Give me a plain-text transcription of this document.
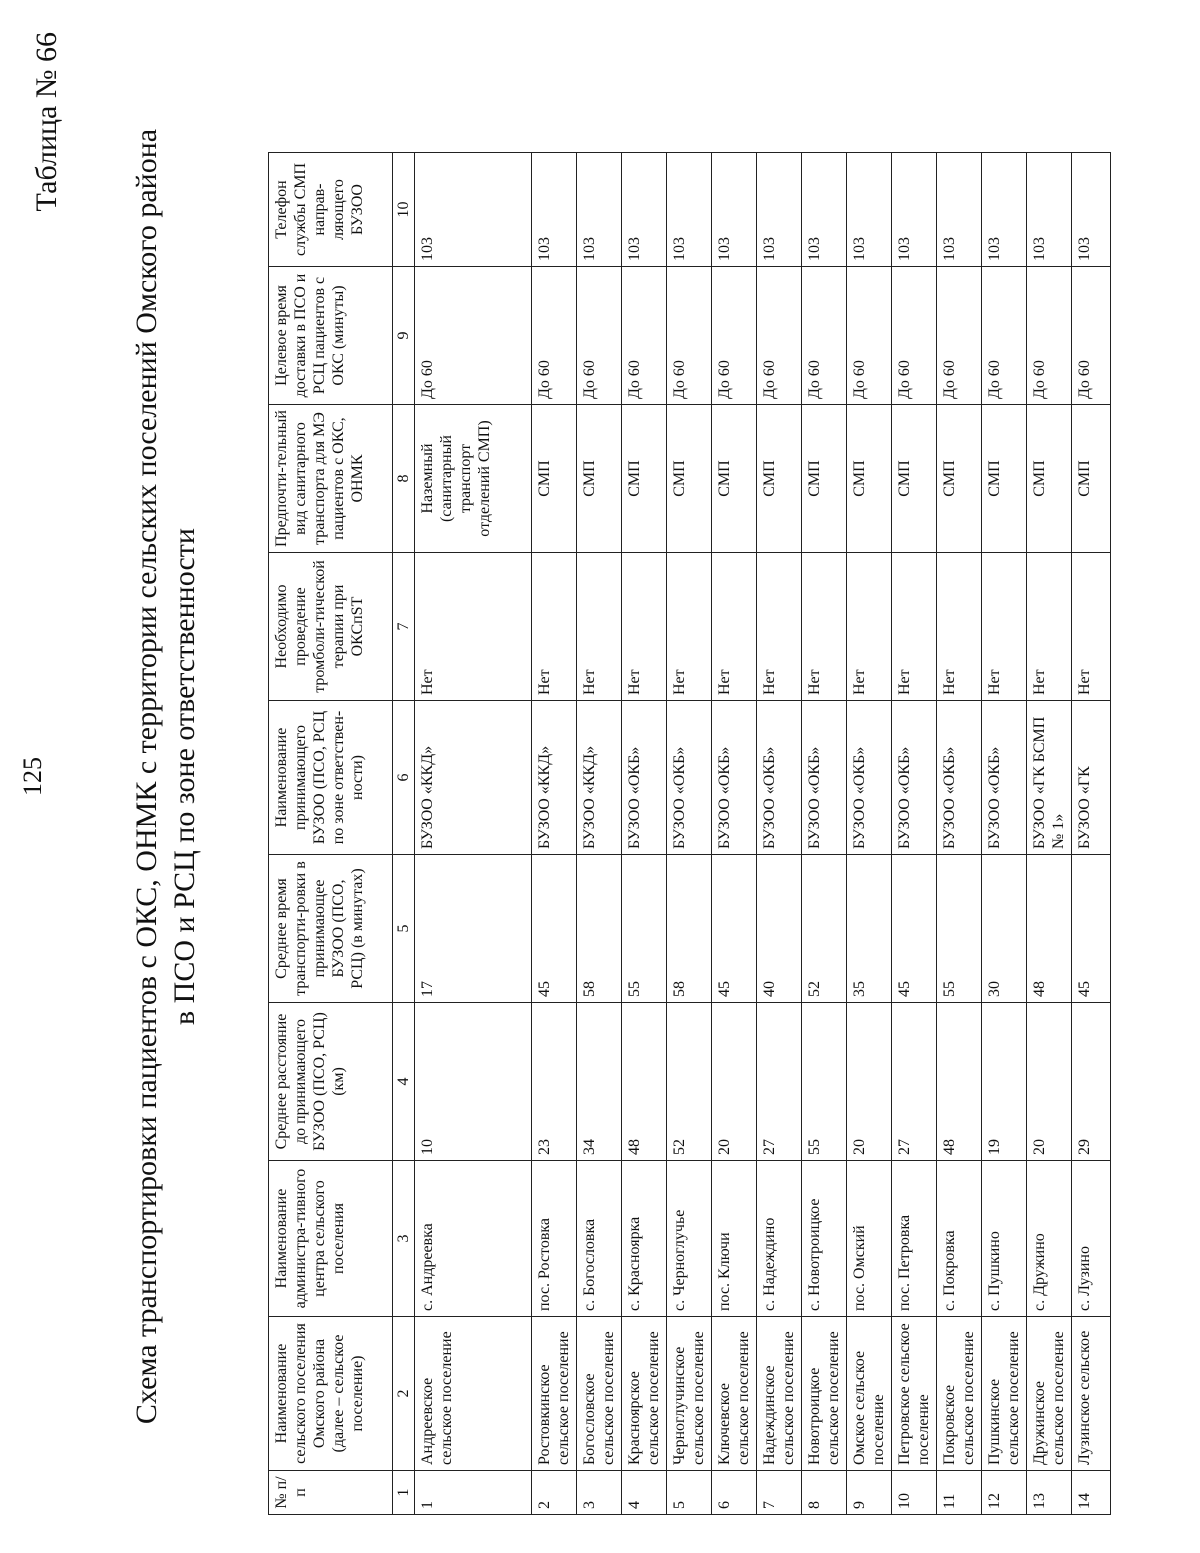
125
Таблица № 66
Схема транспортировки пациентов с ОКС, ОНМК с территории сельских поселений Омского района в ПСО и РСЦ по зоне ответственности
№ п/п	Наименование сельского поселения Омского района (далее – сельское поселение)	Наименование администра-тивного центра сельского поселения	Среднее расстояние до принимающего БУЗОО (ПСО, РСЦ) (км)	Среднее время транспорти-ровки в принимающее БУЗОО (ПСО, РСЦ) (в минутах)	Наименование принимающего БУЗОО (ПСО, РСЦ по зоне ответствен-ности)	Необходимо проведение тромболи-тической терапии при ОКСпST	Предпочти-тельный вид санитарного транспорта для МЭ пациентов с ОКС, ОНМК	Целевое время доставки в ПСО и РСЦ пациентов с ОКС (минуты)	Телефон службы СМП направ-ляющего БУЗОО
1	2	3	4	5	6	7	8	9	10
1	Андреевское сельское поселение	с. Андреевка	10	17	БУЗОО «ККД»	Нет	Наземный (санитарный транспорт отделений СМП)	До 60	103
2	Ростовкинское сельское поселение	пос. Ростовка	23	45	БУЗОО «ККД»	Нет	СМП	До 60	103
3	Богословское сельское поселение	с. Богословка	34	58	БУЗОО «ККД»	Нет	СМП	До 60	103
4	Красноярское сельское поселение	с. Красноярка	48	55	БУЗОО «ОКБ»	Нет	СМП	До 60	103
5	Черноглучинское сельское поселение	с. Черноглучье	52	58	БУЗОО «ОКБ»	Нет	СМП	До 60	103
6	Ключевское сельское поселение	пос. Ключи	20	45	БУЗОО «ОКБ»	Нет	СМП	До 60	103
7	Надеждинское сельское поселение	с. Надеждино	27	40	БУЗОО «ОКБ»	Нет	СМП	До 60	103
8	Новотроицкое сельское поселение	с. Новотроицкое	55	52	БУЗОО «ОКБ»	Нет	СМП	До 60	103
9	Омское сельское поселение	пос. Омский	20	35	БУЗОО «ОКБ»	Нет	СМП	До 60	103
10	Петровское сельское поселение	пос. Петровка	27	45	БУЗОО «ОКБ»	Нет	СМП	До 60	103
11	Покровское сельское поселение	с. Покровка	48	55	БУЗОО «ОКБ»	Нет	СМП	До 60	103
12	Пушкинское сельское поселение	с. Пушкино	19	30	БУЗОО «ОКБ»	Нет	СМП	До 60	103
13	Дружинское сельское поселение	с. Дружино	20	48	БУЗОО «ГК БСМП № 1»	Нет	СМП	До 60	103
14	Лузинское сельское	с. Лузино	29	45	БУЗОО «ГК	Нет	СМП	До 60	103
